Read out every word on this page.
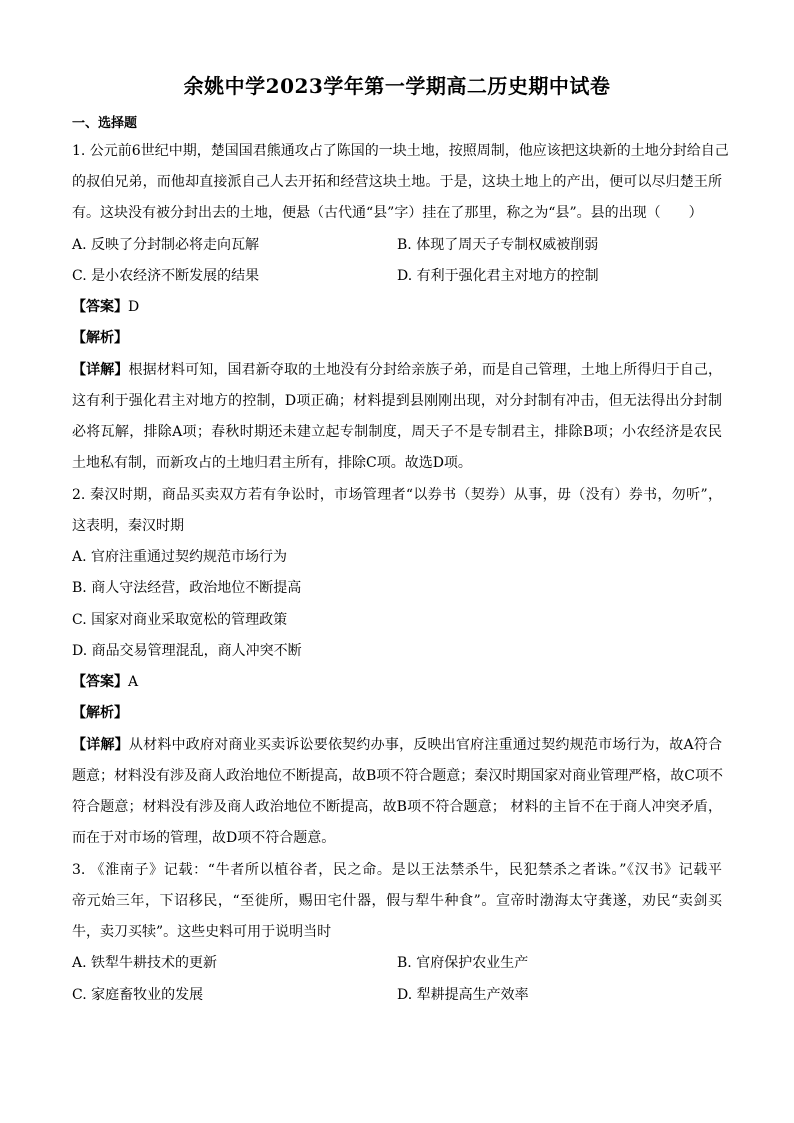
余姚中学2023学年第一学期高二历史期中试卷
一、选择题
1. 公元前6世纪中期，楚国国君熊通攻占了陈国的一块土地，按照周制，他应该把这块新的土地分封给自己
的叔伯兄弟，而他却直接派自己人去开拓和经营这块土地。于是，这块土地上的产出，便可以尽归楚王所
有。这块没有被分封出去的土地，便悬（古代通“县”字）挂在了那里，称之为“县”。县的出现（　　）
A. 反映了分封制必将走向瓦解	B. 体现了周天子专制权威被削弱
C. 是小农经济不断发展的结果	D. 有利于强化君主对地方的控制
【答案】D
【解析】
【详解】根据材料可知，国君新夺取的土地没有分封给亲族子弟，而是自己管理，土地上所得归于自己，
这有利于强化君主对地方的控制，D项正确；材料提到县刚刚出现，对分封制有冲击，但无法得出分封制
必将瓦解，排除A项；春秋时期还未建立起专制制度，周天子不是专制君主，排除B项；小农经济是农民
土地私有制，而新攻占的土地归君主所有，排除C项。故选D项。
2. 秦汉时期，商品买卖双方若有争讼时，市场管理者“以券书（契券）从事，毋（没有）券书，勿听”，
这表明，秦汉时期
A. 官府注重通过契约规范市场行为
B. 商人守法经营，政治地位不断提高
C. 国家对商业采取宽松的管理政策
D. 商品交易管理混乱，商人冲突不断
【答案】A
【解析】
【详解】从材料中政府对商业买卖诉讼要依契约办事，反映出官府注重通过契约规范市场行为，故A符合
题意；材料没有涉及商人政治地位不断提高，故B项不符合题意；秦汉时期国家对商业管理严格，故C项不
符合题意；材料没有涉及商人政治地位不断提高，故B项不符合题意； 材料的主旨不在于商人冲突矛盾，
而在于对市场的管理，故D项不符合题意。
3. 《淮南子》记载：“牛者所以植谷者，民之命。是以王法禁杀牛，民犯禁杀之者诛。”《汉书》记载平
帝元始三年，下诏移民，“至徙所，赐田宅什器，假与犁牛种食”。宣帝时渤海太守龚遂，劝民“卖剑买
牛，卖刀买犊”。这些史料可用于说明当时
A. 铁犁牛耕技术的更新	B. 官府保护农业生产
C. 家庭畜牧业的发展	D. 犁耕提高生产效率
